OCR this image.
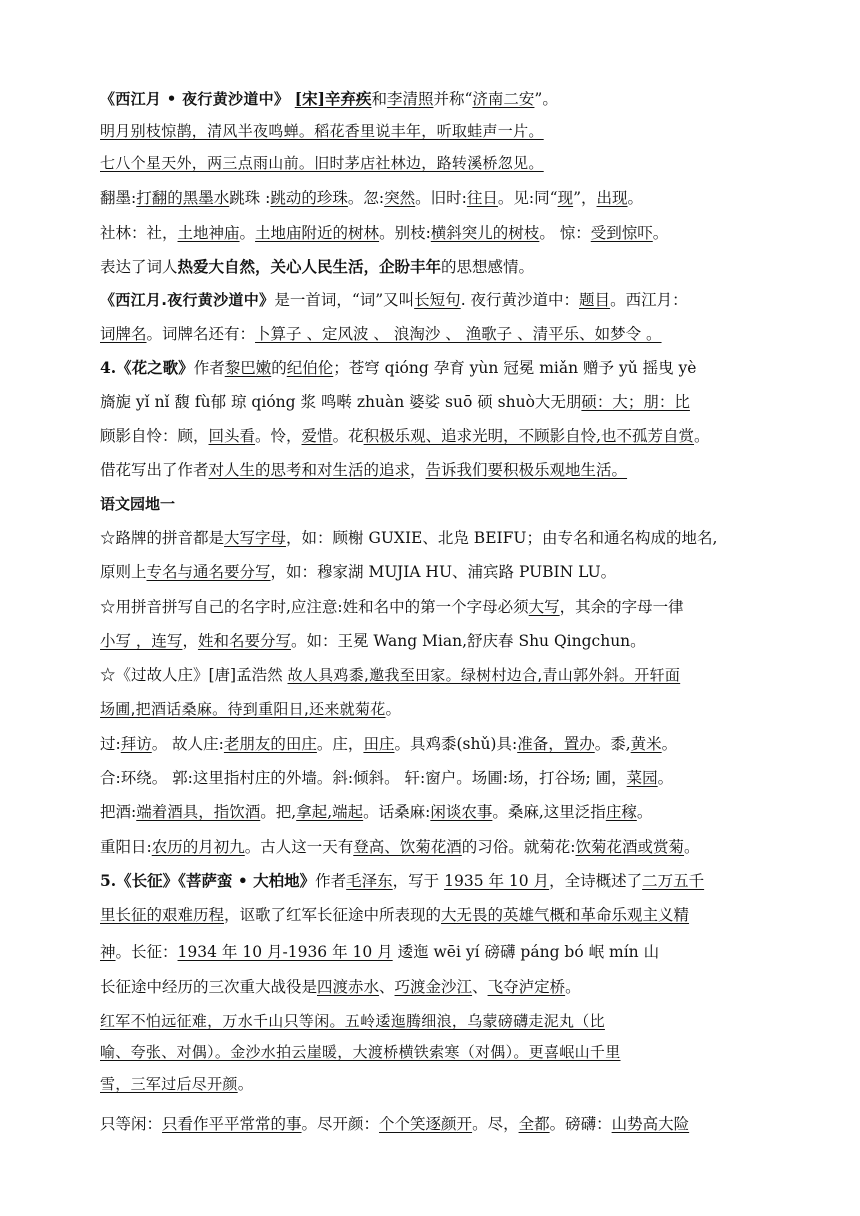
《西江月 • 夜行黄沙道中》 [宋]辛弃疾和李清照并称“济南二安”。
明月别枝惊鹊，清风半夜鸣蝉。稻花香里说丰年，听取蛙声一片。
七八个星天外，两三点雨山前。旧时茅店社林边，路转溪桥忽见。
翻墨:打翻的黑墨水跳珠 :跳动的珍珠。忽:突然。旧时:往日。见:同“现”，出现。
社林：社，土地神庙。土地庙附近的树林。别枝:横斜突儿的树枝。 惊：受到惊吓。
表达了词人热爱大自然，关心人民生活，企盼丰年的思想感情。
《西江月.夜行黄沙道中》是一首词，“词”又叫长短句. 夜行黄沙道中：题目。西江月：
词牌名。词牌名还有：卜算子 、定风波 、 浪淘沙 、 渔歌子 、清平乐、如梦令 。
4.《花之歌》作者黎巴嫩的纪伯伦；苍穹 qióng 孕育 yùn 冠冕 miǎn 赠予 yǔ 摇曳 yè
旖旎 yǐ nǐ 馥 fù郁 琼 qióng 浆 鸣啭 zhuàn 婆娑 suō 硕 shuò大无朋硕：大；朋：比
顾影自怜：顾，回头看。怜，爱惜。花积极乐观、追求光明，不顾影自怜,也不孤芳自赏。
借花写出了作者对人生的思考和对生活的追求，告诉我们要积极乐观地生活。
语文园地一
☆路牌的拼音都是大写字母，如：顾榭 GUXIE、北凫 BEIFU；由专名和通名构成的地名,
原则上专名与通名要分写，如：穆家湖 MUJIA HU、浦宾路 PUBIN LU。
☆用拼音拼写自己的名字时,应注意:姓和名中的第一个字母必须大写，其余的字母一律
小写 ，连写，姓和名要分写。如：王冕 Wang Mian,舒庆春 Shu Qingchun。
☆《过故人庄》[唐]孟浩然 故人具鸡黍,邀我至田家。绿树村边合,青山郭外斜。开轩面
场圃,把酒话桑麻。待到重阳日,还来就菊花。
过:拜访。 故人庄:老朋友的田庄。庄，田庄。具鸡黍(shǔ)具:准备，置办。黍,黄米。
合:环绕。 郭:这里指村庄的外墙。斜:倾斜。 轩:窗户。场圃:场，打谷场; 圃，菜园。
把酒:端着酒具，指饮酒。把,拿起,端起。话桑麻:闲谈农事。桑麻,这里泛指庄稼。
重阳日:农历的月初九。古人这一天有登高、饮菊花酒的习俗。就菊花:饮菊花酒或赏菊。
5.《长征》《菩萨蛮 • 大柏地》作者毛泽东，写于 1935 年 10 月，全诗概述了二万五千
里长征的艰难历程，讴歌了红军长征途中所表现的大无畏的英雄气概和革命乐观主义精
神。长征：1934 年 10 月-1936 年 10 月 逶迤 wēi yí 磅礴 páng bó 岷 mín 山
长征途中经历的三次重大战役是四渡赤水、巧渡金沙江、飞夺泸定桥。
红军不怕远征难，万水千山只等闲。五岭逶迤腾细浪，乌蒙磅礴走泥丸（比
喻、夸张、对偶）。金沙水拍云崖暖，大渡桥横铁索寒（对偶）。更喜岷山千里
雪，三军过后尽开颜。
只等闲：只看作平平常常的事。尽开颜：个个笑逐颜开。尽，全都。磅礴：山势高大险
